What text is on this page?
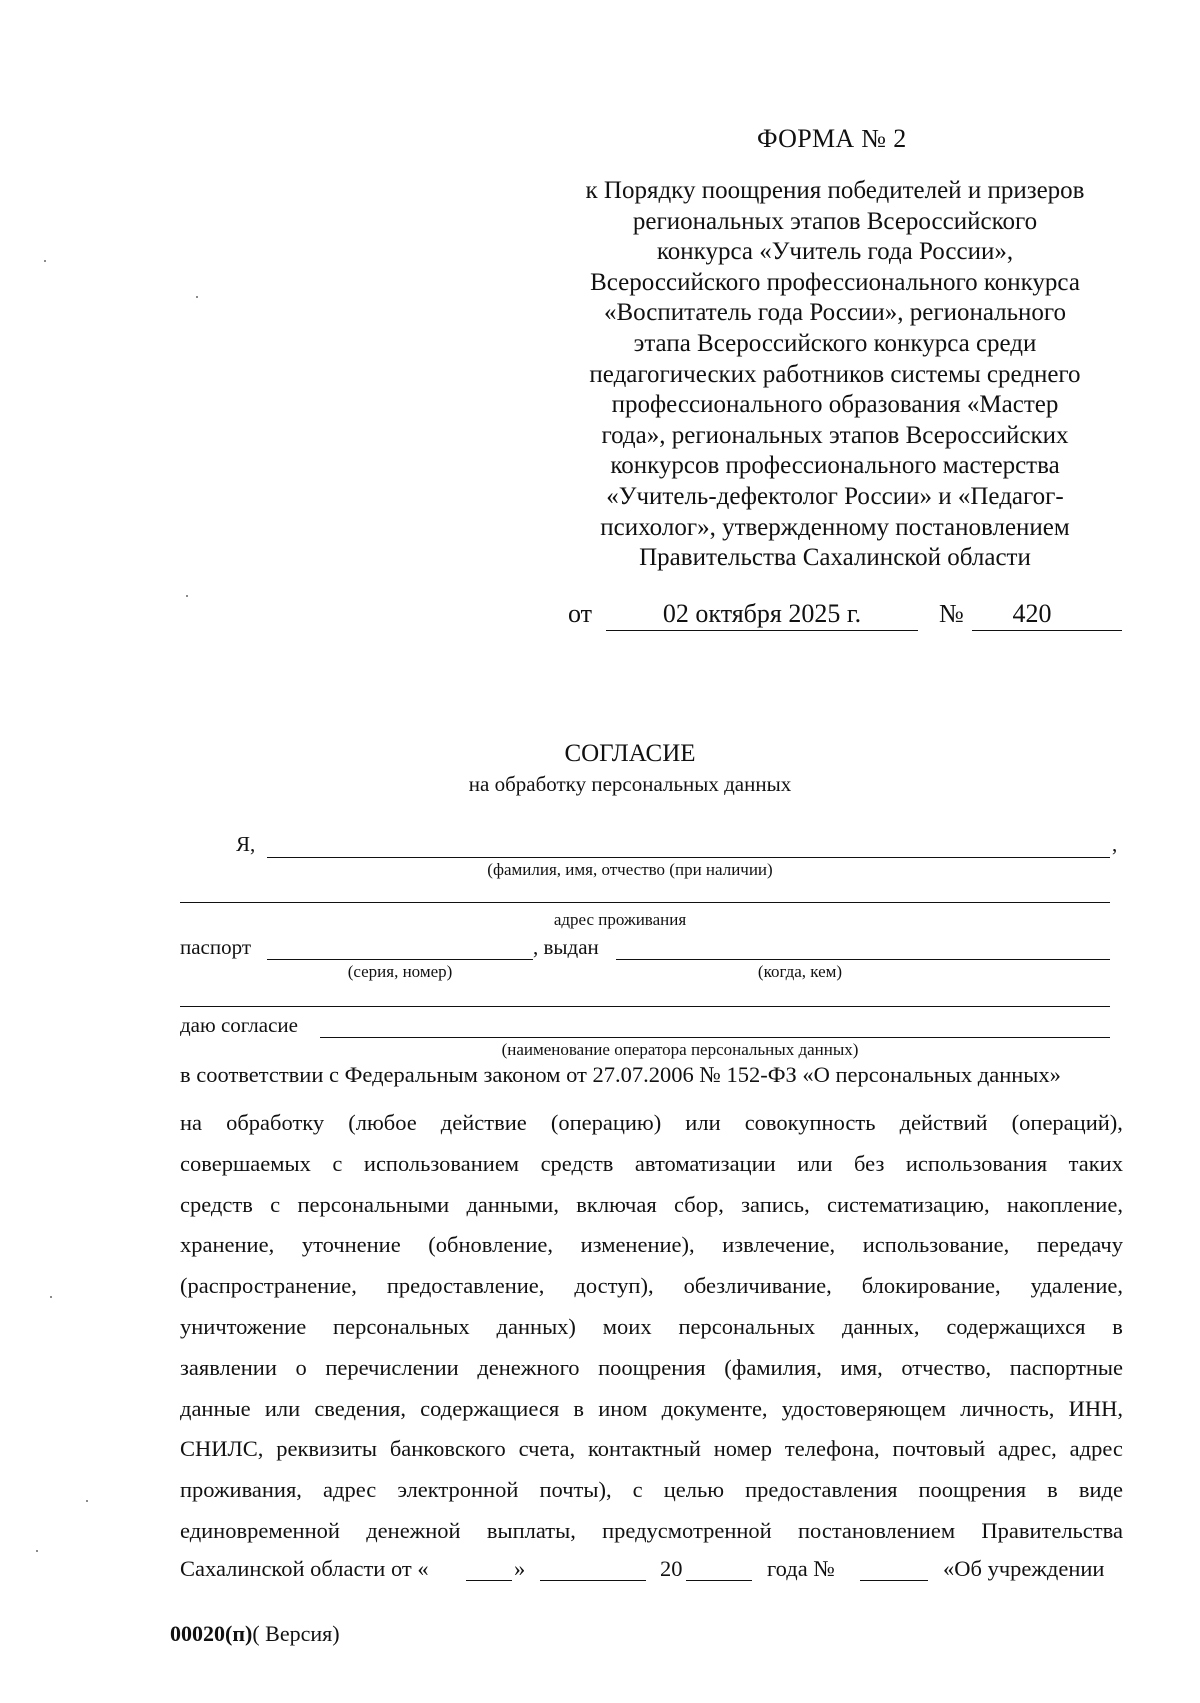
ФОРМА № 2
к Порядку поощрения победителей и призеров
региональных этапов Всероссийского
конкурса «Учитель года России»,
Всероссийского профессионального конкурса
«Воспитатель года России», регионального
этапа Всероссийского конкурса среди
педагогических работников системы среднего
профессионального образования «Мастер
года», региональных этапов Всероссийских
конкурсов профессионального мастерства
«Учитель-дефектолог России» и «Педагог-
психолог», утвержденному постановлением
Правительства Сахалинской области
от	02 октября 2025 г.	№	420
СОГЛАСИЕ
на обработку персональных данных
Я,	,
(фамилия, имя, отчество (при наличии)
адрес проживания
паспорт	, выдан
(серия, номер)	(когда, кем)
даю согласие
(наименование оператора персональных данных)
в соответствии с Федеральным законом от 27.07.2006 № 152-ФЗ «О персональных данных»
на обработку (любое действие (операцию) или совокупность действий (операций),
совершаемых с использованием средств автоматизации или без использования таких
средств с персональными данными, включая сбор, запись, систематизацию, накопление,
хранение, уточнение (обновление, изменение), извлечение, использование, передачу
(распространение, предоставление, доступ), обезличивание, блокирование, удаление,
уничтожение персональных данных) моих персональных данных, содержащихся в
заявлении о перечислении денежного поощрения (фамилия, имя, отчество, паспортные
данные или сведения, содержащиеся в ином документе, удостоверяющем личность, ИНН,
СНИЛС, реквизиты банковского счета, контактный номер телефона, почтовый адрес, адрес
проживания, адрес электронной почты), с целью предоставления поощрения в виде
единовременной денежной выплаты, предусмотренной постановлением Правительства
Сахалинской области от «	»	20	года №	«Об учреждении
00020(п)( Версия)
